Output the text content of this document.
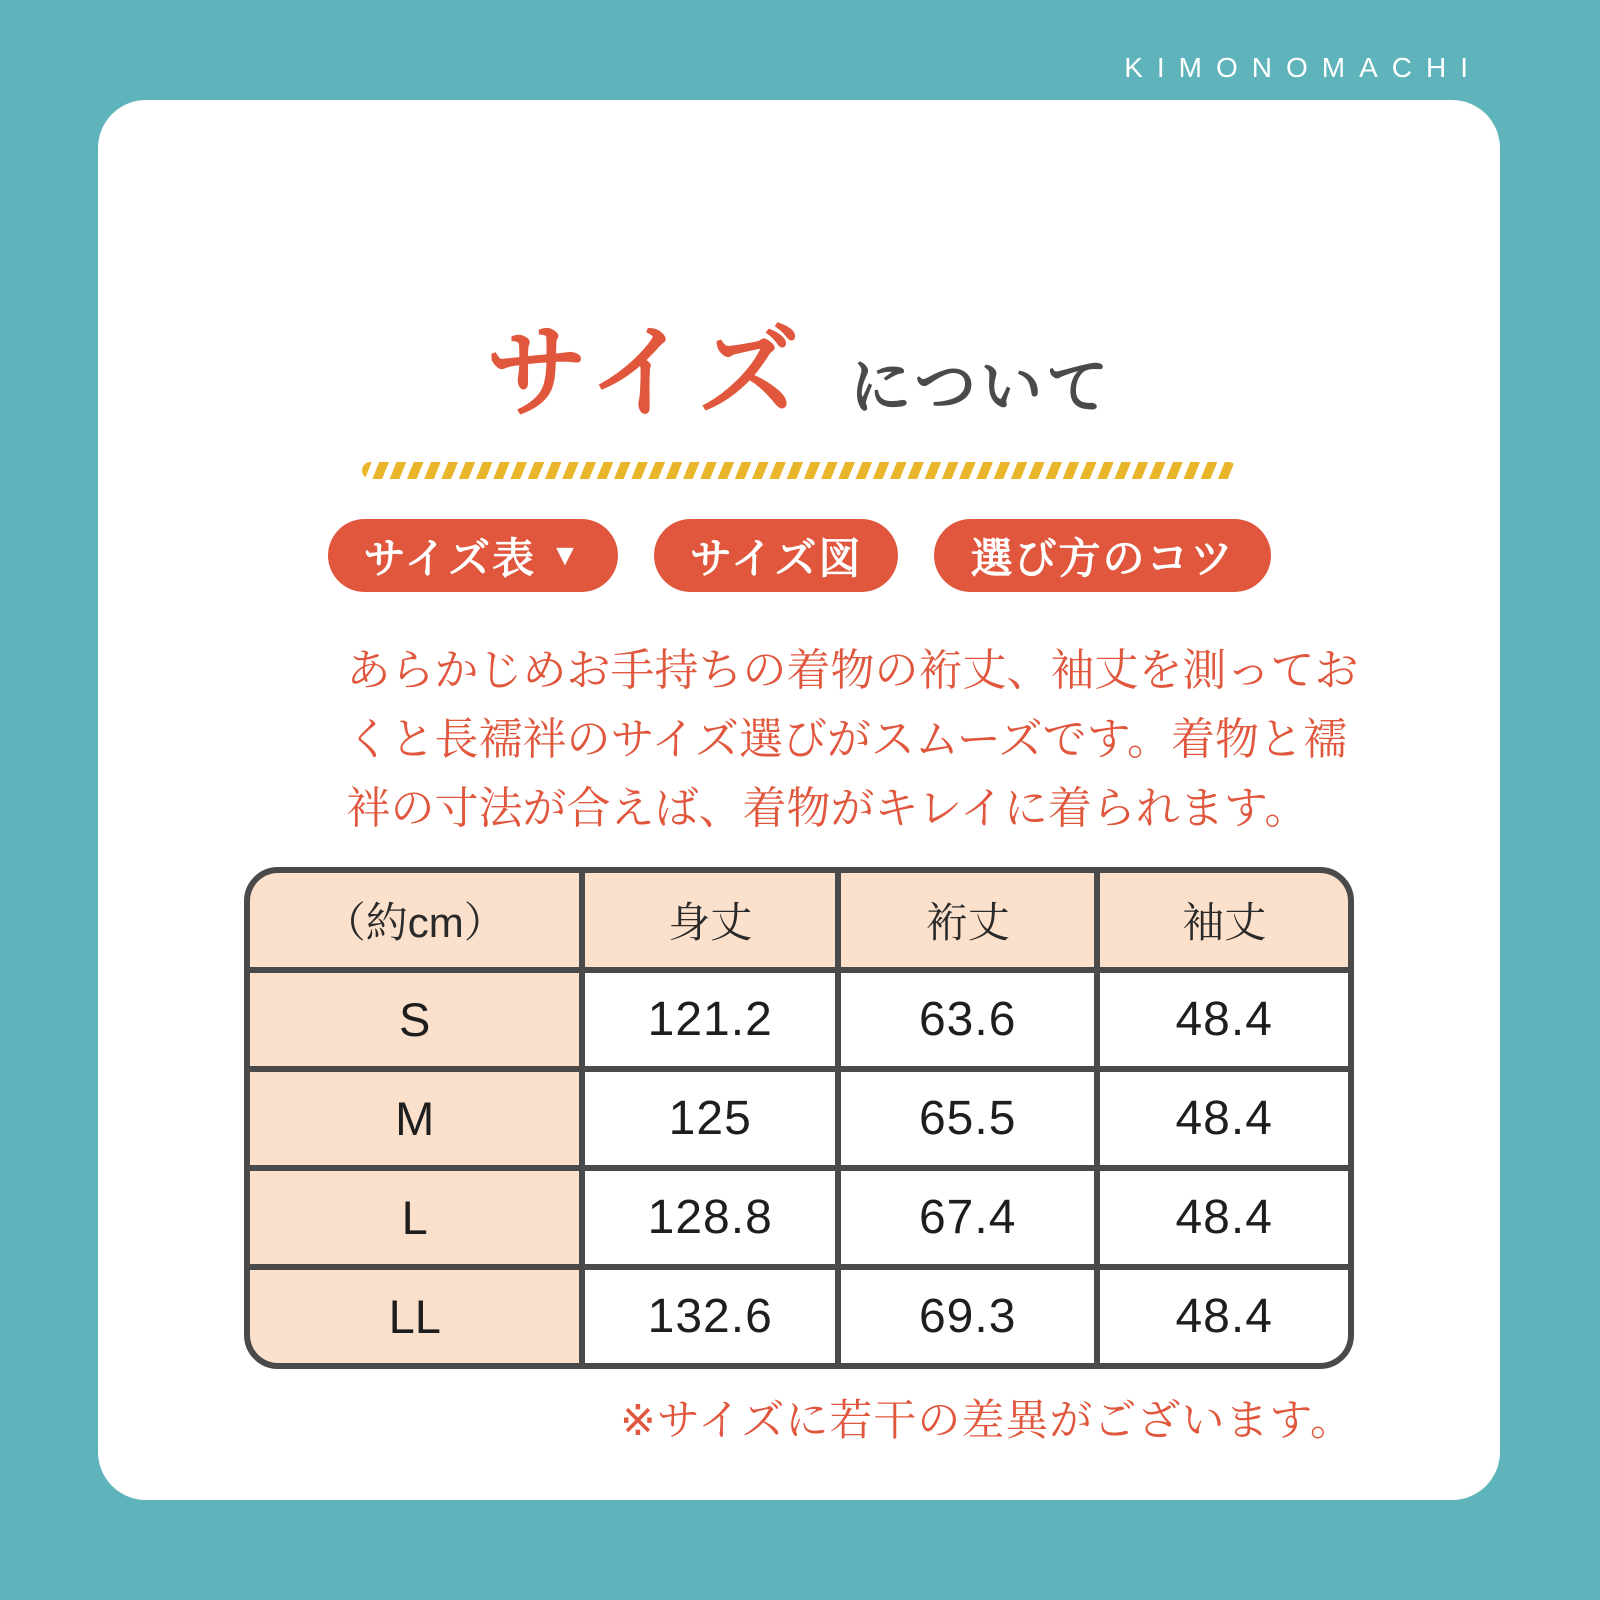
KIMONOMACHI
サイズ について
サイズ表 ▼	サイズ図	選び方のコツ
あらかじめお手持ちの着物の裄丈、袖丈を測ってお
くと長襦袢のサイズ選びがスムーズです。着物と襦
袢の寸法が合えば、着物がキレイに着られます。
（約cm）	身丈	裄丈	袖丈
S	121.2	63.6	48.4
M	125	65.5	48.4
L	128.8	67.4	48.4
LL	132.6	69.3	48.4
※サイズに若干の差異がございます。
